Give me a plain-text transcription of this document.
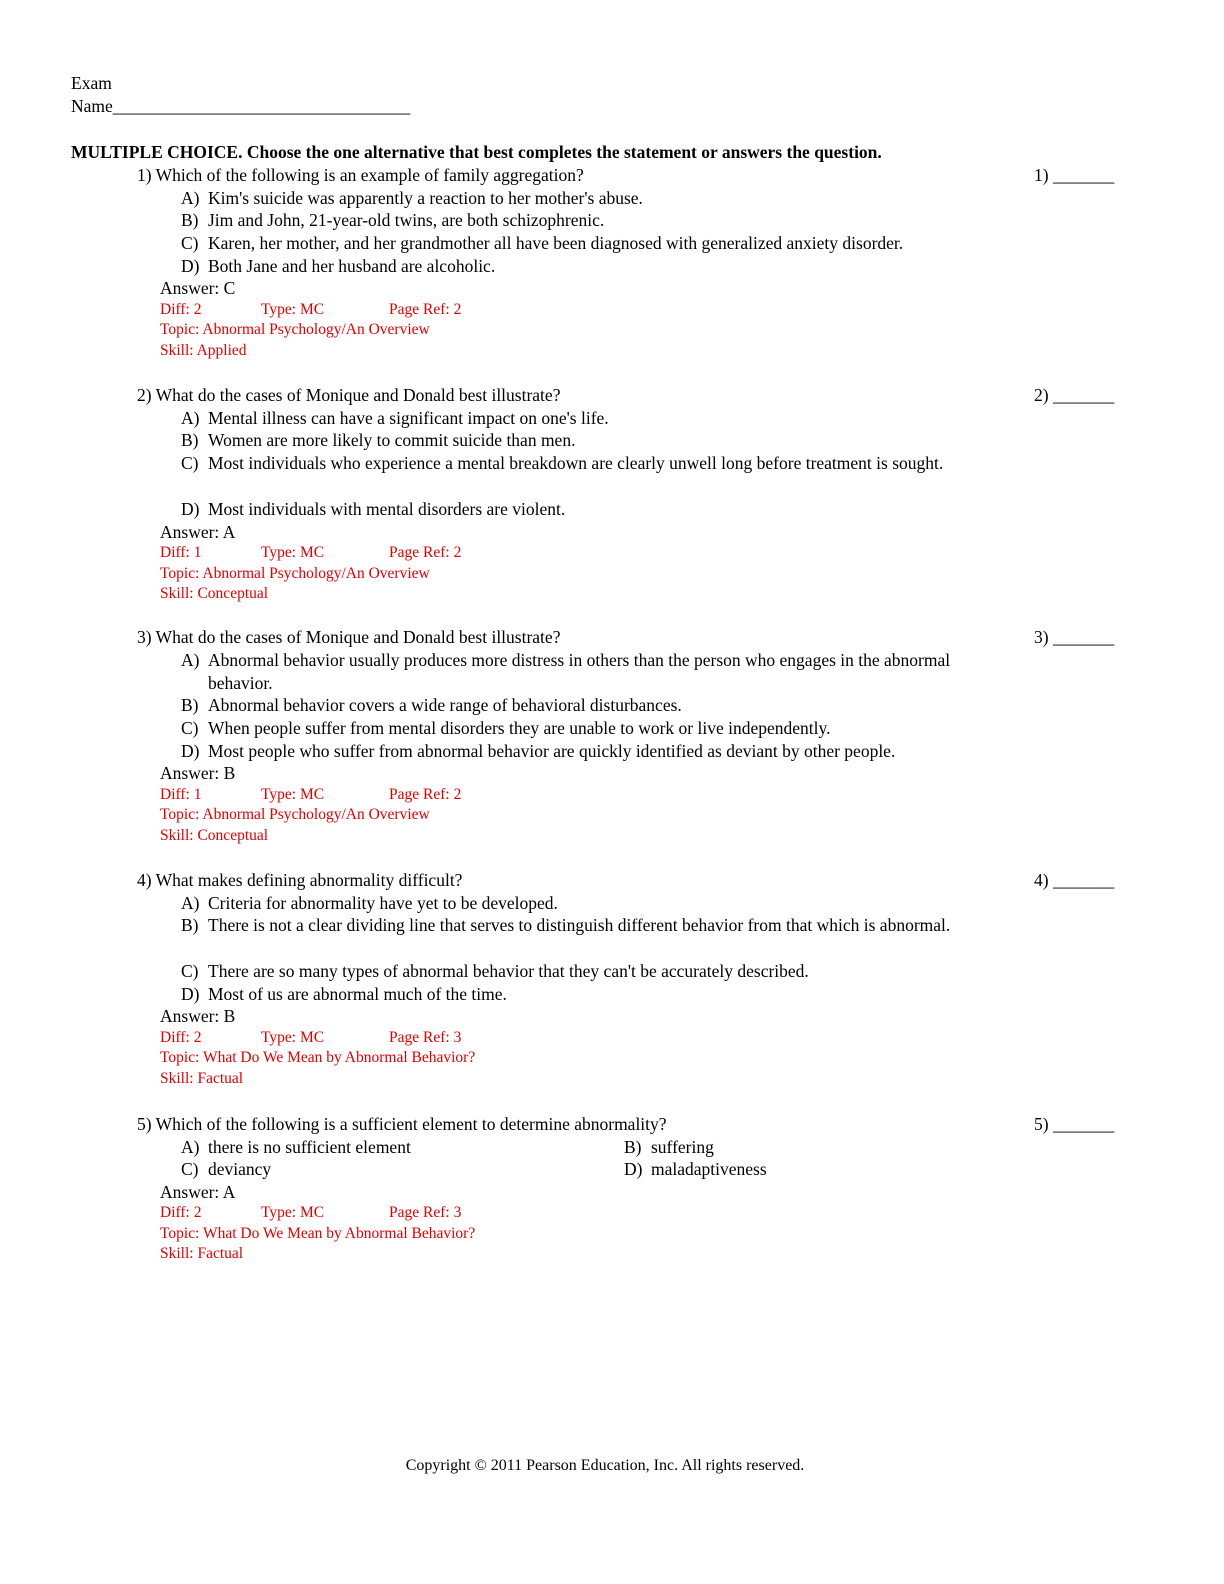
Exam
Name__________________________________
MULTIPLE CHOICE. Choose the one alternative that best completes the statement or answers the question.
1) Which of the following is an example of family aggregation?	1) _______
A) Kim's suicide was apparently a reaction to her mother's abuse.
B) Jim and John, 21-year-old twins, are both schizophrenic.
C) Karen, her mother, and her grandmother all have been diagnosed with generalized anxiety disorder.
D) Both Jane and her husband are alcoholic.
Answer: C
Diff: 2	Type: MC	Page Ref: 2
Topic: Abnormal Psychology/An Overview
Skill: Applied
2) What do the cases of Monique and Donald best illustrate?	2) _______
A) Mental illness can have a significant impact on one's life.
B) Women are more likely to commit suicide than men.
C) Most individuals who experience a mental breakdown are clearly unwell long before treatment is sought.
D) Most individuals with mental disorders are violent.
Answer: A
Diff: 1	Type: MC	Page Ref: 2
Topic: Abnormal Psychology/An Overview
Skill: Conceptual
3) What do the cases of Monique and Donald best illustrate?	3) _______
A) Abnormal behavior usually produces more distress in others than the person who engages in the abnormal behavior.
B) Abnormal behavior covers a wide range of behavioral disturbances.
C) When people suffer from mental disorders they are unable to work or live independently.
D) Most people who suffer from abnormal behavior are quickly identified as deviant by other people.
Answer: B
Diff: 1	Type: MC	Page Ref: 2
Topic: Abnormal Psychology/An Overview
Skill: Conceptual
4) What makes defining abnormality difficult?	4) _______
A) Criteria for abnormality have yet to be developed.
B) There is not a clear dividing line that serves to distinguish different behavior from that which is abnormal.
C) There are so many types of abnormal behavior that they can't be accurately described.
D) Most of us are abnormal much of the time.
Answer: B
Diff: 2	Type: MC	Page Ref: 3
Topic: What Do We Mean by Abnormal Behavior?
Skill: Factual
5) Which of the following is a sufficient element to determine abnormality?	5) _______
A) there is no sufficient element	B) suffering
C) deviancy	D) maladaptiveness
Answer: A
Diff: 2	Type: MC	Page Ref: 3
Topic: What Do We Mean by Abnormal Behavior?
Skill: Factual
Copyright © 2011 Pearson Education, Inc. All rights reserved.
